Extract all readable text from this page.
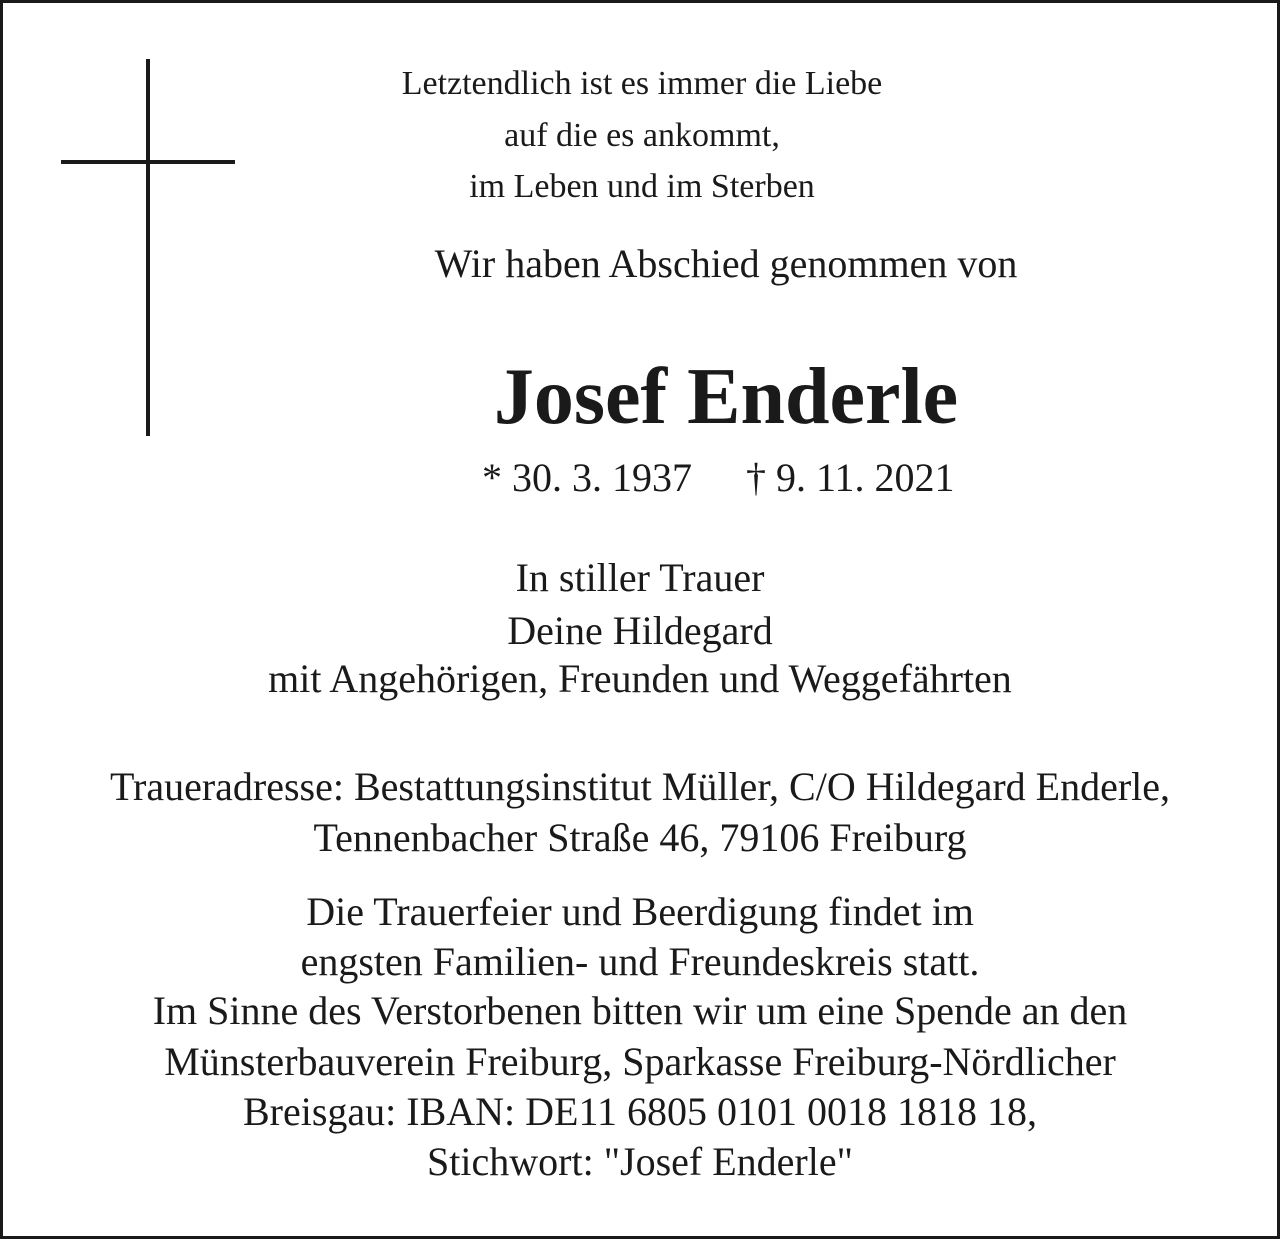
Letztendlich ist es immer die Liebe
auf die es ankommt,
im Leben und im Sterben
Wir haben Abschied genommen von
Josef Enderle
* 30. 3. 1937 † 9. 11. 2021
In stiller Trauer
Deine Hildegard
mit Angehörigen, Freunden und Weggefährten
Traueradresse: Bestattungsinstitut Müller, C/O Hildegard Enderle,
Tennenbacher Straße 46, 79106 Freiburg
Die Trauerfeier und Beerdigung findet im
engsten Familien- und Freundeskreis statt.
Im Sinne des Verstorbenen bitten wir um eine Spende an den
Münsterbauverein Freiburg, Sparkasse Freiburg-Nördlicher
Breisgau: IBAN: DE11 6805 0101 0018 1818 18,
Stichwort: "Josef Enderle"
